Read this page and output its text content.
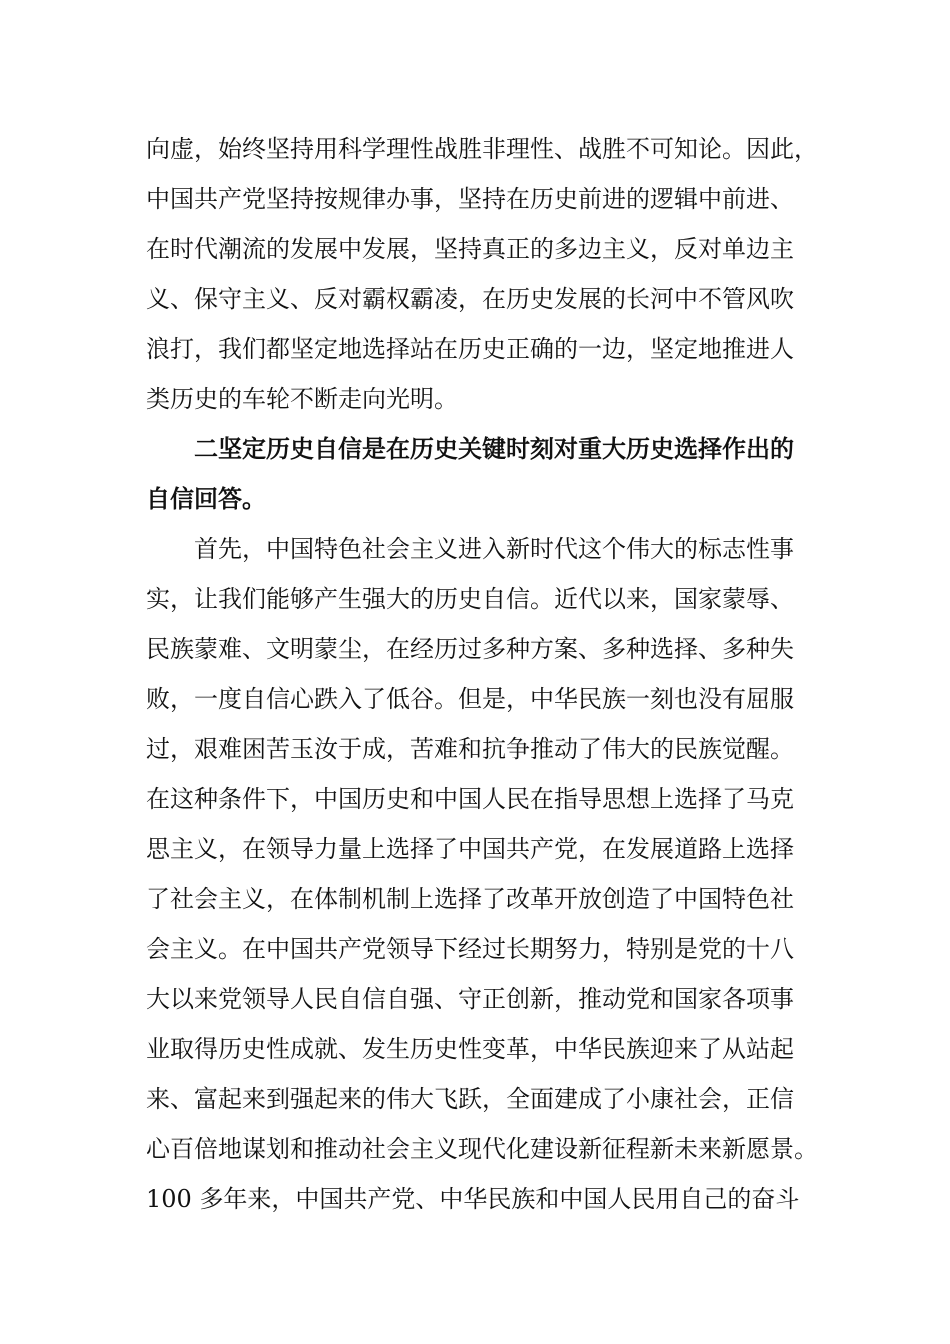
向虚，始终坚持用科学理性战胜非理性、战胜不可知论。因此，
中国共产党坚持按规律办事，坚持在历史前进的逻辑中前进、
在时代潮流的发展中发展，坚持真正的多边主义，反对单边主
义、保守主义、反对霸权霸凌，在历史发展的长河中不管风吹
浪打，我们都坚定地选择站在历史正确的一边，坚定地推进人
类历史的车轮不断走向光明。
二坚定历史自信是在历史关键时刻对重大历史选择作出的
自信回答。
首先，中国特色社会主义进入新时代这个伟大的标志性事
实，让我们能够产生强大的历史自信。近代以来，国家蒙辱、
民族蒙难、文明蒙尘，在经历过多种方案、多种选择、多种失
败，一度自信心跌入了低谷。但是，中华民族一刻也没有屈服
过，艰难困苦玉汝于成，苦难和抗争推动了伟大的民族觉醒。
在这种条件下，中国历史和中国人民在指导思想上选择了马克
思主义，在领导力量上选择了中国共产党，在发展道路上选择
了社会主义，在体制机制上选择了改革开放创造了中国特色社
会主义。在中国共产党领导下经过长期努力，特别是党的十八
大以来党领导人民自信自强、守正创新，推动党和国家各项事
业取得历史性成就、发生历史性变革，中华民族迎来了从站起
来、富起来到强起来的伟大飞跃，全面建成了小康社会，正信
心百倍地谋划和推动社会主义现代化建设新征程新未来新愿景。
100 多年来，中国共产党、中华民族和中国人民用自己的奋斗
